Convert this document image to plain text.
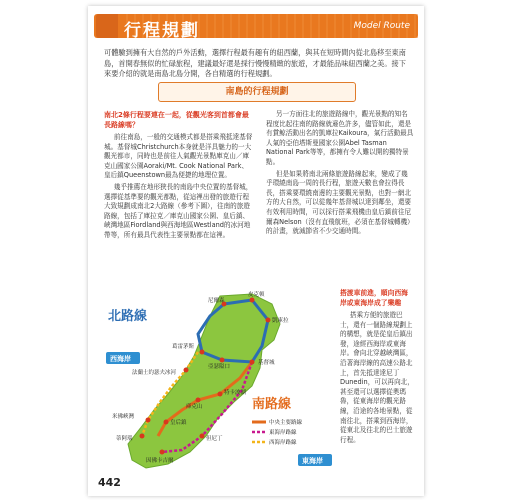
行程規劃	Model Route
可體驗到擁有大自然的戶外活動，選擇行程最有趣有的紐西蘭，與其在短時間內從北島移至東南島，首開春無似的忙碌旅程，建議最好還是採行慢慢精緻的旅遊，才最能品味紐西蘭之美。接下來要介紹的就是南島北島分開，各自精選的行程規劃。
南島的行程規劃
南北2條行程要連在一起，從觀光客到首都會最長路線嗎？

前往南島，一般的交通模式都是搭乘飛抵達基督城。基督城Christchurch本身就是洋具魅力的一大觀光都市，同時也是前往人氣觀光景點庫克山／庫克山國家公園Aoraki/Mt. Cook National Park、皇后鎮Queenstown最為便捷的地理位置。

幾乎推薦在地形狹長的南島中央位置的基督城，選擇從基準要的觀光都點，從這裡出發的旅遊行程大致規劃成南北2大路線（參考下圖），往南的旅遊路線，包括了庫拉克／庫克山國家公園、皇后鎮、峽灣地區Fiordland與西海地區Westland的冰河地帶等，所有最具代表性主要景點都在這裡。

另一方面往北的旅遊路線中，觀光景點的知名程度比起往南的路線就遜色許多，儘管如此，還是有賞鯨活動出名的凱庫拉Kaikoura，氣行活動最具人氣的亞伯塔斯曼國家公園Abel Tasman National Park等等，都擁有令人難以開的獨特景點。

但是如果將南北兩條旅遊路線起來，變成了幾乎環繞南島一周的長行程，旅遊天數也會拉得長長，搭乘要環繞南邊的主要觀光景點，也對一網北方的大自然，可以從幾年基督城以達到鄰坐，還要有效利用時間，可以採行搭乘飛機由皇后鎮前往尼爾森Nelson（沒有直飛航班，必須在基督城轉機）的計畫，就減節省不少交通時間。

搭渡車前進，順向西海岸或東海岸成了樂趣

搭乘方便的旅遊巴士，還有一個路線規劃上的構想，就是從皇后鎮出發，途經西海岸或東海岸。會向北穿越峽灣區，沿著海岸線的高速公路北上，首先抵達達尼丁Dunedin，可以再向北，甚至還可以選擇從奧瑪魯，從東海岸的觀光路線，沿途的各地景點，從南往北，搭乘到西海岸，從東北及往北的巴士旅遊行程。

尼爾森
皮克頓
凱庫拉
葛雷茅斯
亞瑟隘口
基督城
法蘭士約瑟夫冰河
特卡波湖
庫克山
米佛峽灣
皇后鎮
蒂阿瑙	但尼丁
因佛卡吉爾
北路線
南路線
西海岸
東海岸
中央主要路線
東海岸路線
西海岸路線
442
